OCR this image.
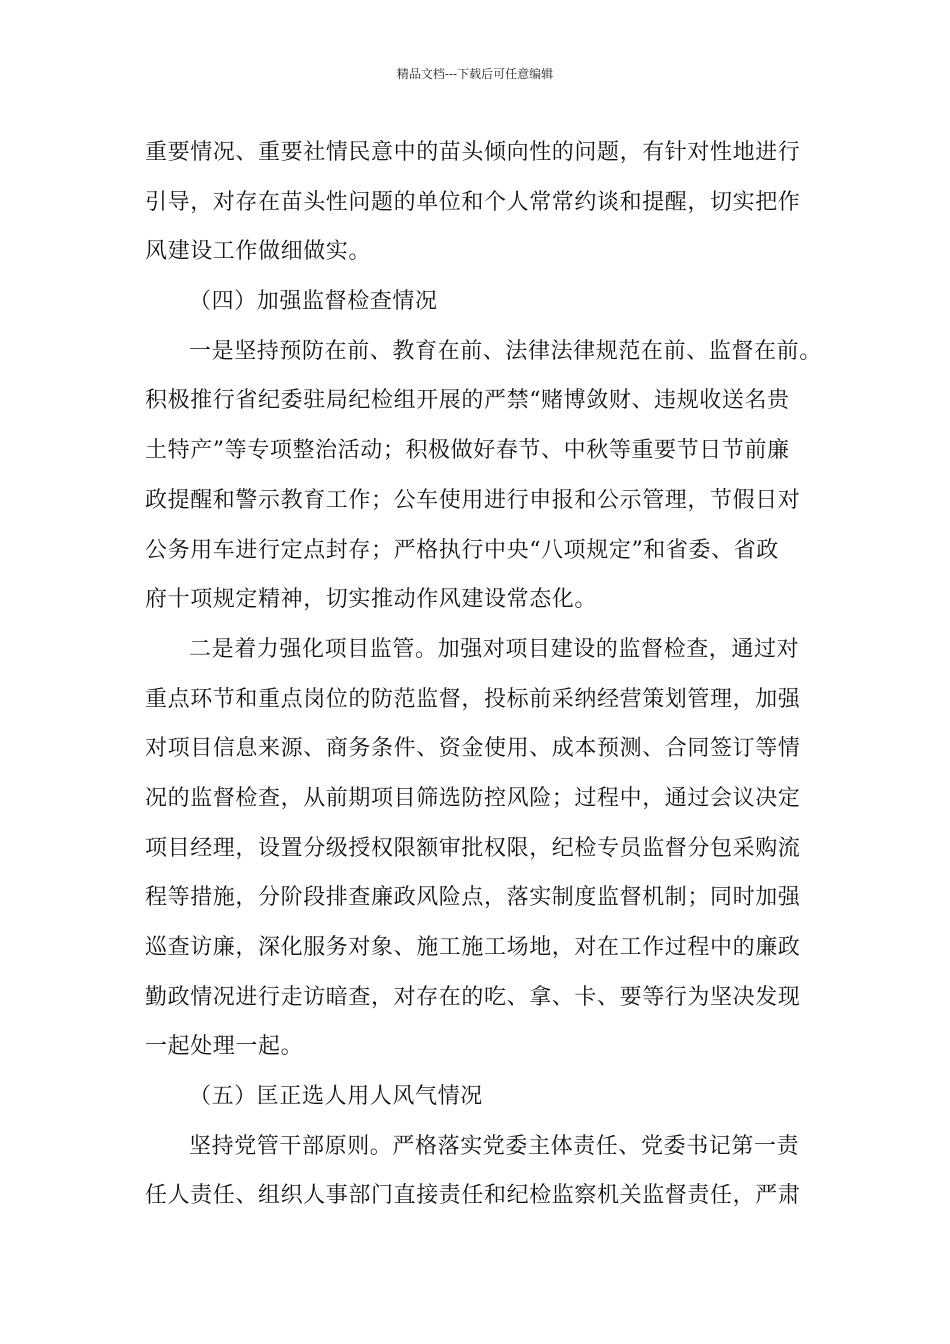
精品文档---下载后可任意编辑
重要情况、重要社情民意中的苗头倾向性的问题，有针对性地进行
引导，对存在苗头性问题的单位和个人常常约谈和提醒，切实把作
风建设工作做细做实。
（四）加强监督检查情况
一是坚持预防在前、教育在前、法律法律规范在前、监督在前。
积极推行省纪委驻局纪检组开展的严禁“赌博敛财、违规收送名贵
土特产”等专项整治活动；积极做好春节、中秋等重要节日节前廉
政提醒和警示教育工作；公车使用进行申报和公示管理，节假日对
公务用车进行定点封存；严格执行中央“八项规定”和省委、省政
府十项规定精神，切实推动作风建设常态化。
二是着力强化项目监管。加强对项目建设的监督检查，通过对
重点环节和重点岗位的防范监督，投标前采纳经营策划管理，加强
对项目信息来源、商务条件、资金使用、成本预测、合同签订等情
况的监督检查，从前期项目筛选防控风险；过程中，通过会议决定
项目经理，设置分级授权限额审批权限，纪检专员监督分包采购流
程等措施，分阶段排查廉政风险点，落实制度监督机制；同时加强
巡查访廉，深化服务对象、施工施工场地，对在工作过程中的廉政
勤政情况进行走访暗查，对存在的吃、拿、卡、要等行为坚决发现
一起处理一起。
（五）匡正选人用人风气情况
坚持党管干部原则。严格落实党委主体责任、党委书记第一责
任人责任、组织人事部门直接责任和纪检监察机关监督责任，严肃
